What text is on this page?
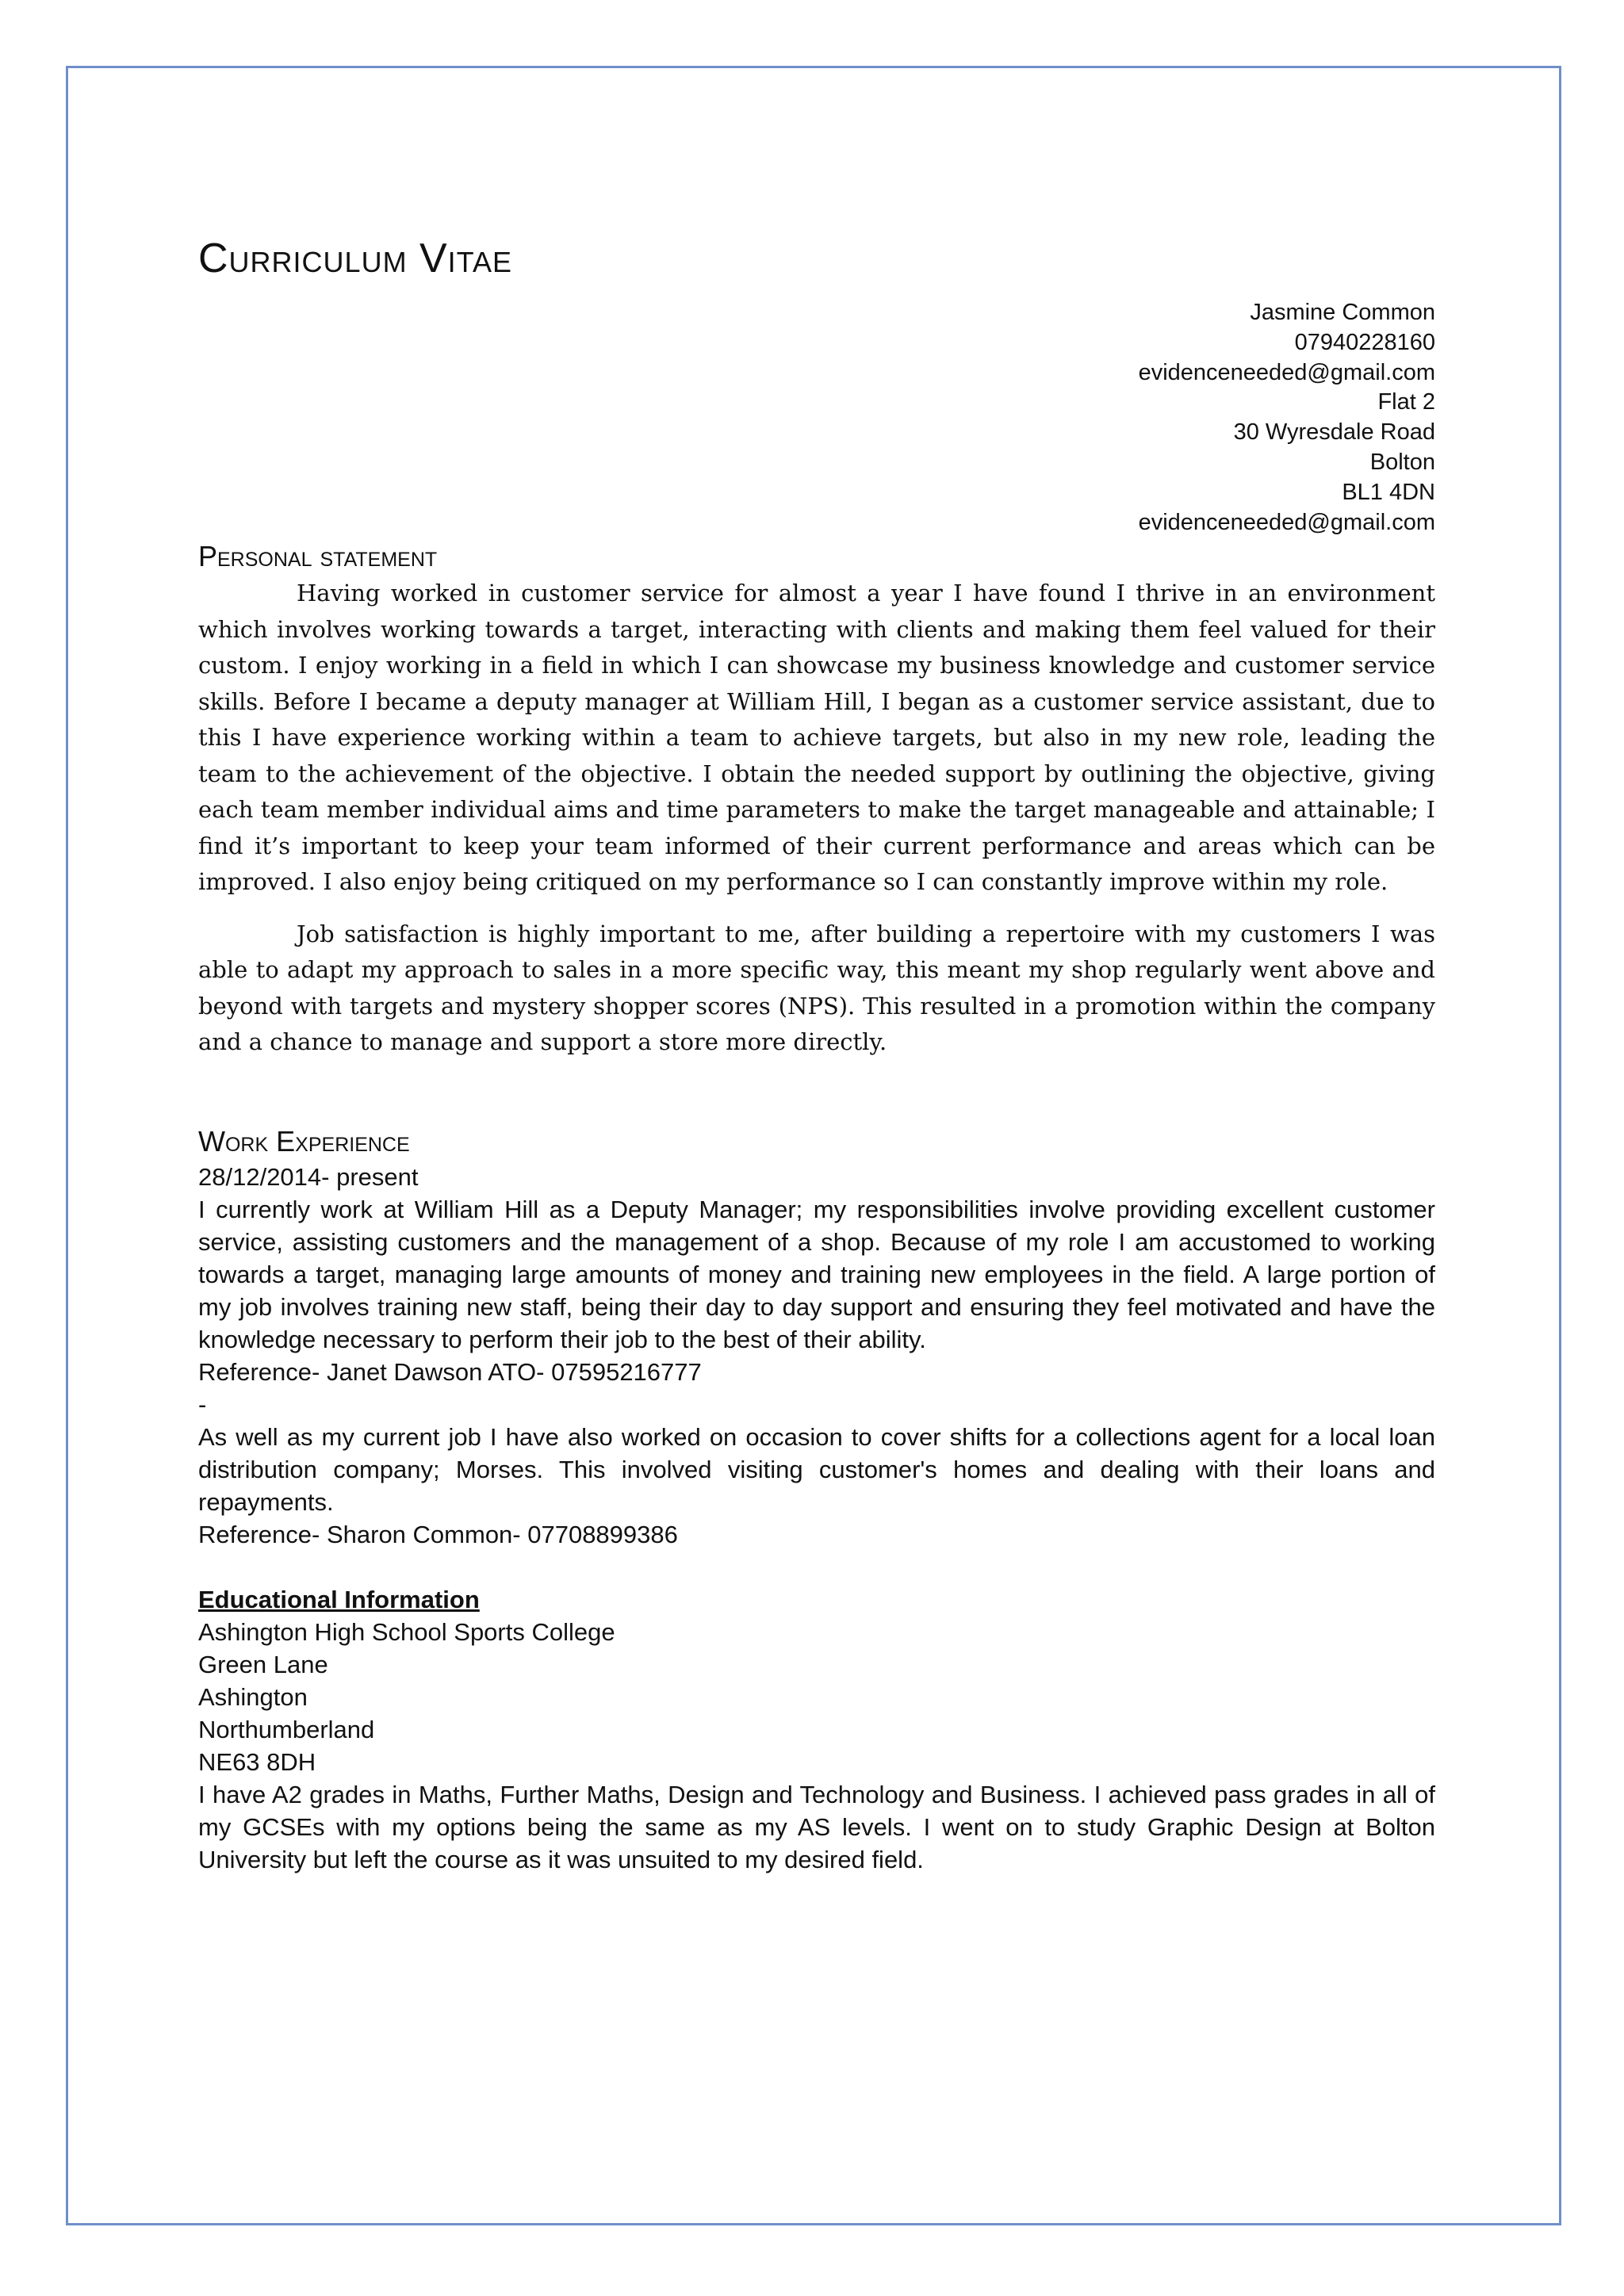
Curriculum Vitae
Jasmine Common
07940228160
evidenceneeded@gmail.com
Flat 2
30 Wyresdale Road
Bolton
BL1 4DN
evidenceneeded@gmail.com
Personal statement

Having worked in customer service for almost a year I have found I thrive in an environment which involves working towards a target, interacting with clients and making them feel valued for their custom. I enjoy working in a field in which I can showcase my business knowledge and customer service skills. Before I became a deputy manager at William Hill, I began as a customer service assistant, due to this I have experience working within a team to achieve targets, but also in my new role, leading the team to the achievement of the objective. I obtain the needed support by outlining the objective, giving each team member individual aims and time parameters to make the target manageable and attainable; I find it’s important to keep your team informed of their current performance and areas which can be improved. I also enjoy being critiqued on my performance so I can constantly improve within my role.

Job satisfaction is highly important to me, after building a repertoire with my customers I was able to adapt my approach to sales in a more specific way, this meant my shop regularly went above and beyond with targets and mystery shopper scores (NPS). This resulted in a promotion within the company and a chance to manage and support a store more directly.

Work Experience
28/12/2014- present
I currently work at William Hill as a Deputy Manager; my responsibilities involve providing excellent customer service, assisting customers and the management of a shop. Because of my role I am accustomed to working towards a target, managing large amounts of money and training new employees in the field. A large portion of my job involves training new staff, being their day to day support and ensuring they feel motivated and have the knowledge necessary to perform their job to the best of their ability.
Reference- Janet Dawson ATO- 07595216777
-
As well as my current job I have also worked on occasion to cover shifts for a collections agent for a local loan distribution company; Morses. This involved visiting customer's homes and dealing with their loans and repayments.
Reference- Sharon Common- 07708899386
Educational Information
Ashington High School Sports College
Green Lane
Ashington
Northumberland
NE63 8DH
I have A2 grades in Maths, Further Maths, Design and Technology and Business. I achieved pass grades in all of my GCSEs with my options being the same as my AS levels. I went on to study Graphic Design at Bolton University but left the course as it was unsuited to my desired field.
